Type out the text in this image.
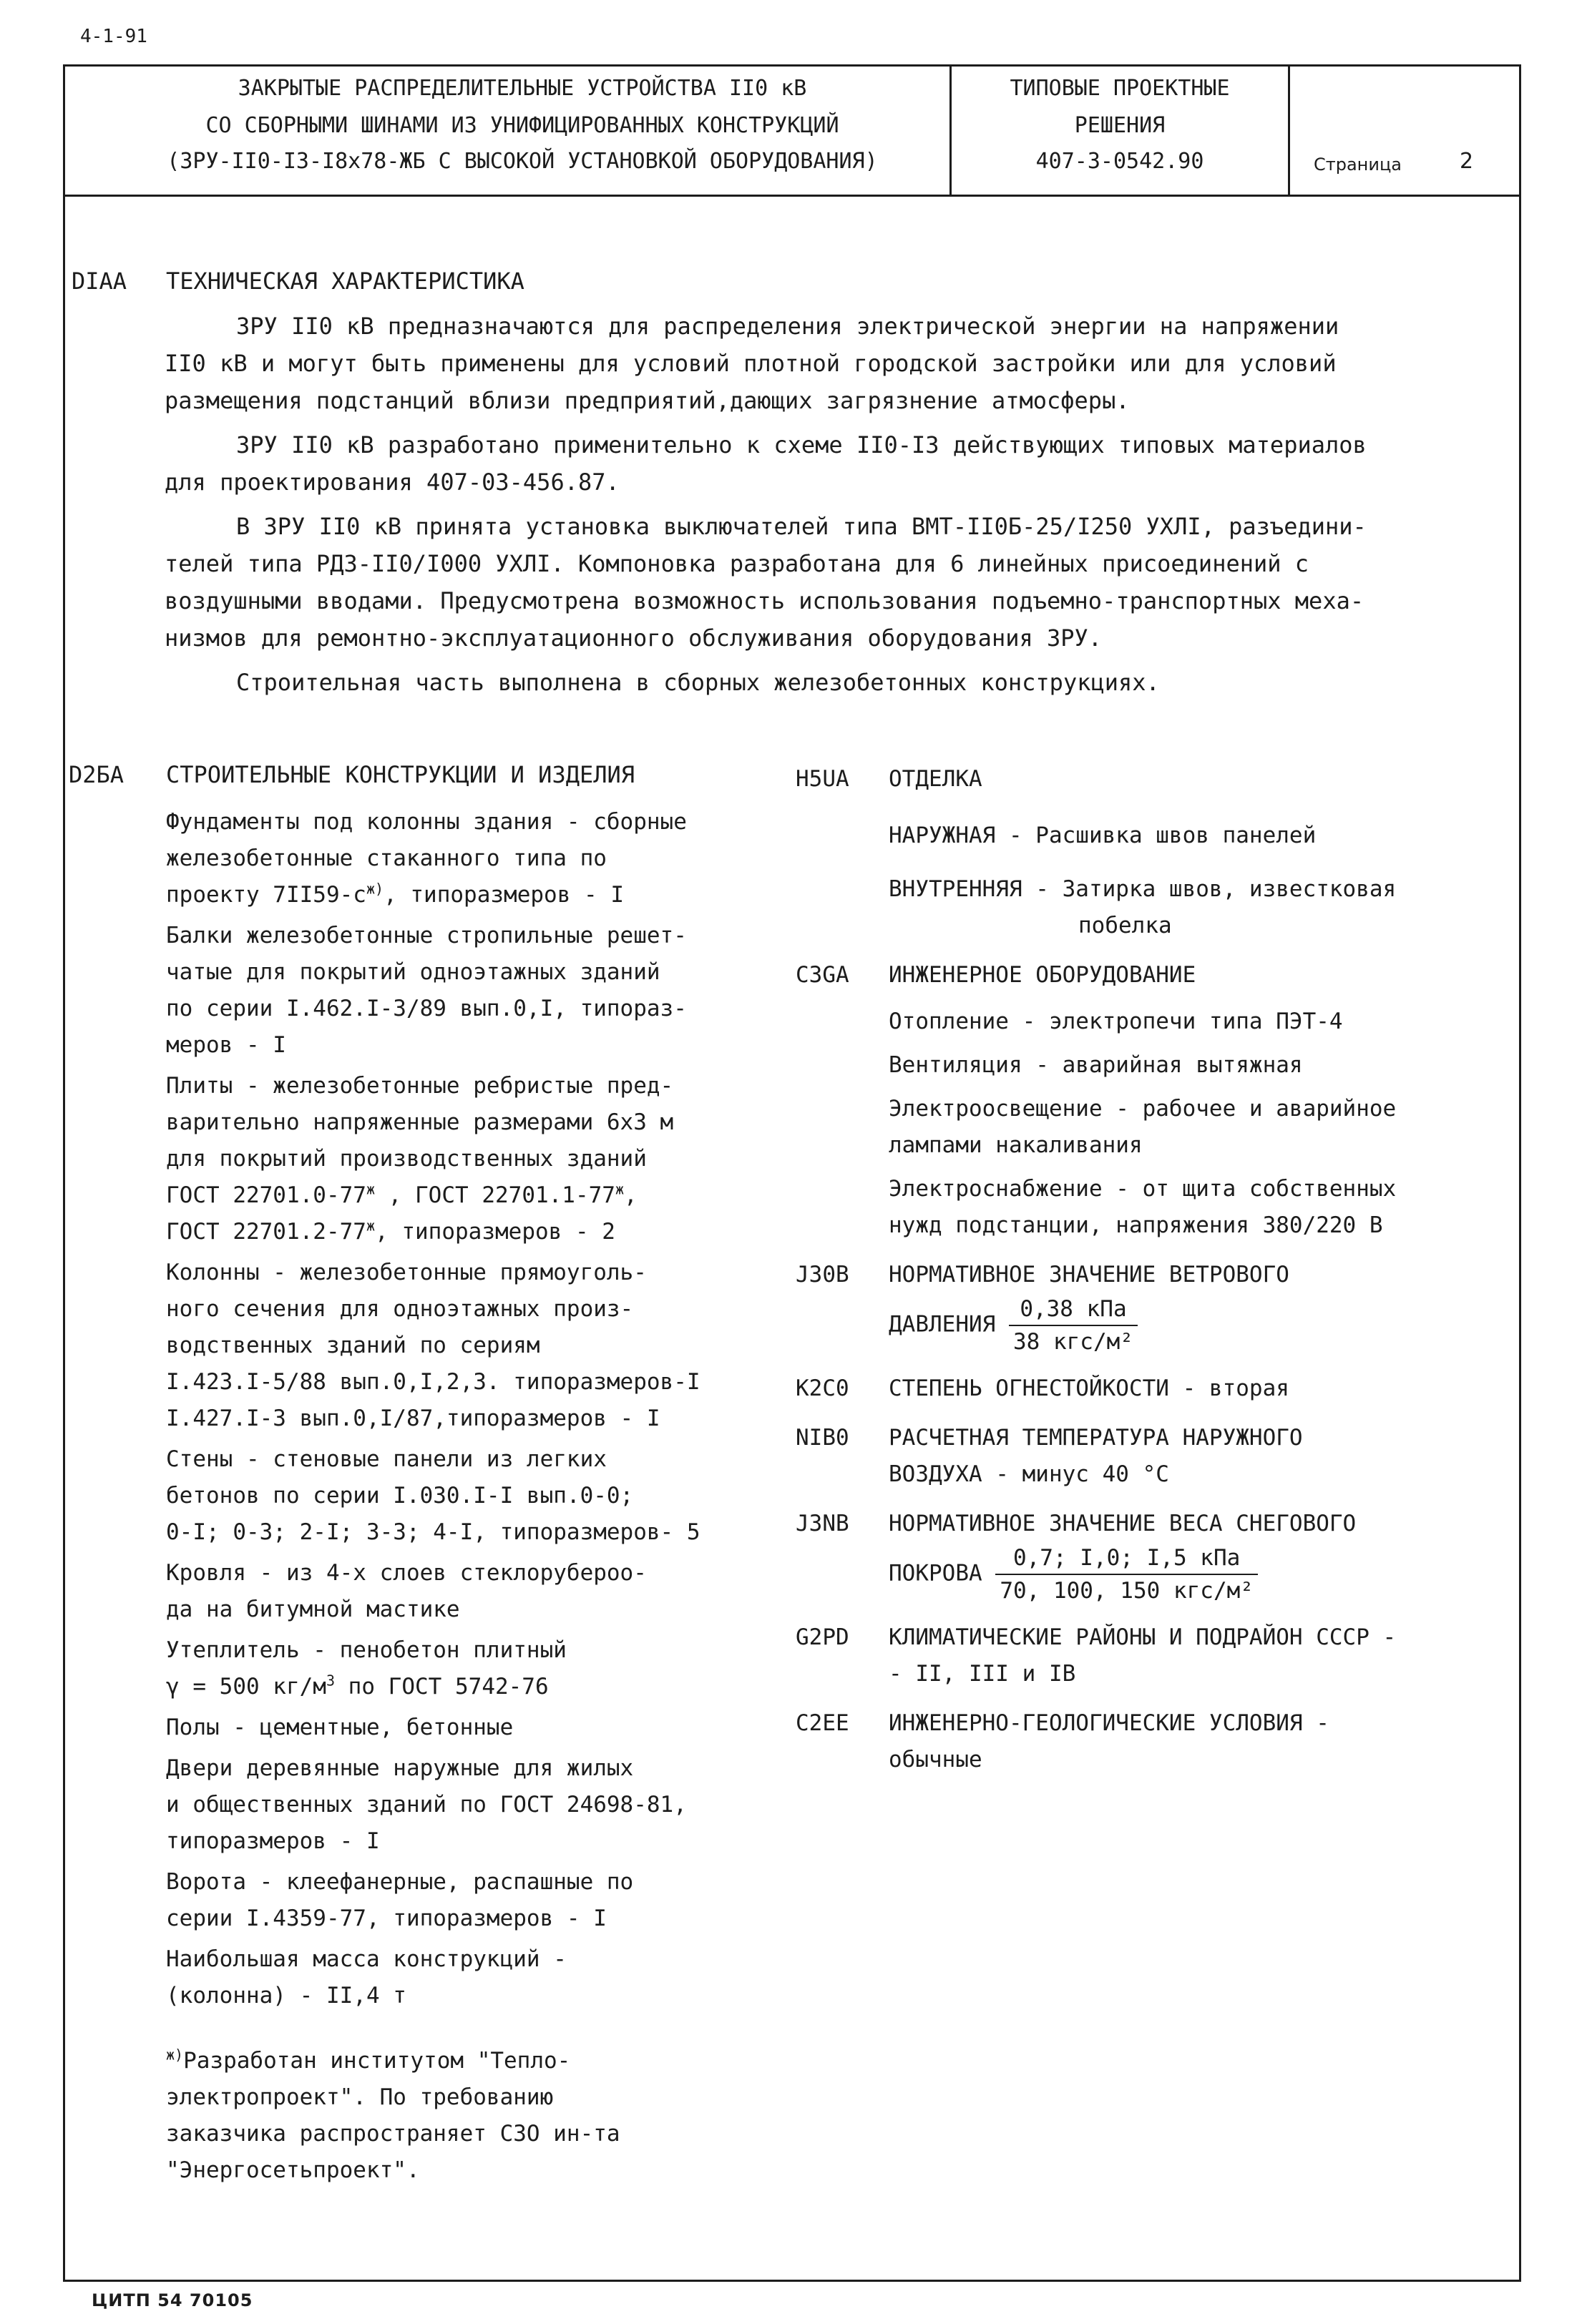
4-1-91
ЗАКРЫТЫЕ РАСПРЕДЕЛИТЕЛЬНЫЕ УСТРОЙСТВА II0 кВ
СО СБОРНЫМИ ШИНАМИ ИЗ УНИФИЦИРОВАННЫХ КОНСТРУКЦИЙ
(ЗРУ-II0-I3-I8х78-ЖБ С ВЫСОКОЙ УСТАНОВКОЙ ОБОРУДОВАНИЯ)
ТИПОВЫЕ ПРОЕКТНЫЕ
РЕШЕНИЯ
407-3-0542.90	Страница	2
DIAA ТЕХНИЧЕСКАЯ ХАРАКТЕРИСТИКА

ЗРУ II0 кВ предназначаются для распределения электрической энергии на напряжении

II0 кВ и могут быть применены для условий плотной городской застройки или для условий

размещения подстанций вблизи предприятий,дающих загрязнение атмосферы.

ЗРУ II0 кВ разработано применительно к схеме II0-I3 действующих типовых материалов

для проектирования 407-03-456.87.

В ЗРУ II0 кВ принята установка выключателей типа ВМТ-II0Б-25/I250 УХЛI, разъедини-

телей типа РДЗ-II0/I000 УХЛI. Компоновка разработана для 6 линейных присоединений с

воздушными вводами. Предусмотрена возможность использования подъемно-транспортных меха-

низмов для ремонтно-эксплуатационного обслуживания оборудования ЗРУ.

Строительная часть выполнена в сборных железобетонных конструкциях.

D2БA СТРОИТЕЛЬНЫЕ КОНСТРУКЦИИ И ИЗДЕЛИЯ

Фундаменты под колонны здания - сборные

железобетонные стаканного типа по

проекту $7II59-с^{ж)}$, типоразмеров - I

Балки железобетонные стропильные решет-

чатые для покрытий одноэтажных зданий

по серии I.462.I-3/89 вып.0,I, типораз-

меров - I

Плиты - железобетонные ребристые пред-

варительно напряженные размерами 6х3 м

для покрытий производственных зданий

ГОСТ $22701.0-77^ж$ , ГОСТ $22701.1-77^ж$,

ГОСТ $22701.2-77^ж$, типоразмеров - 2

Колонны - железобетонные прямоуголь-

ного сечения для одноэтажных произ-

водственных зданий по сериям

I.423.I-5/88 вып.0,I,2,3. типоразмеров-I

I.427.I-3 вып.0,I/87,типоразмеров - I

Стены - стеновые панели из легких

бетонов по серии I.030.I-I вып.0-0;

0-I; 0-3; 2-I; 3-3; 4-I, типоразмеров- 5

Кровля - из 4-х слоев стеклорубероо-

да на битумной мастике

Утеплитель - пенобетон плитный

γ = 500 $кг/м^3$ по ГОСТ 5742-76

Полы - цементные, бетонные

Двери деревянные наружные для жилых

и общественных зданий по ГОСТ 24698-81,

типоразмеров - I

Ворота - клеефанерные, распашные по

серии I.4359-77, типоразмеров - I

Наибольшая масса конструкций -

(колонна) - II,4 т

$^{ж)}$Разработан институтом "Тепло-

электропроект". По требованию

заказчика распространяет СЗО ин-та

"Энергосетьпроект".

H5UA ОТДЕЛКА

НАРУЖНАЯ - Расшивка швов панелей

ВНУТРЕННЯЯ - Затирка швов, известковая

побелка

C3GA ИНЖЕНЕРНОЕ ОБОРУДОВАНИЕ

Отопление - электропечи типа ПЭТ-4

Вентиляция - аварийная вытяжная

Электроосвещение - рабочее и аварийное

лампами накаливания

Электроснабжение - от щита собственных

нужд подстанции, напряжения 380/220 В

J30B НОРМАТИВНОЕ ЗНАЧЕНИЕ ВЕТРОВОГО

ДАВЛЕНИЯ $\frac{\text{0,38 кПа}}{\text{38 кгс/м²}}$

K2C0 СТЕПЕНЬ ОГНЕСТОЙКОСТИ - вторая
NIB0 РАСЧЕТНАЯ ТЕМПЕРАТУРА НАРУЖНОГО

ВОЗДУХА - минус 40 °С

J3NB НОРМАТИВНОЕ ЗНАЧЕНИЕ ВЕСА СНЕГОВОГО

ПОКРОВА $\frac{\text{0,7; I,0; I,5 кПа}}{\text{70, 100, 150 кгс/м²}}$

G2PD КЛИМАТИЧЕСКИЕ РАЙОНЫ И ПОДРАЙОН СССР -

- II, III и IB

C2EE ИНЖЕНЕРНО-ГЕОЛОГИЧЕСКИЕ УСЛОВИЯ -

обычные

ЦИТП 54 70105
